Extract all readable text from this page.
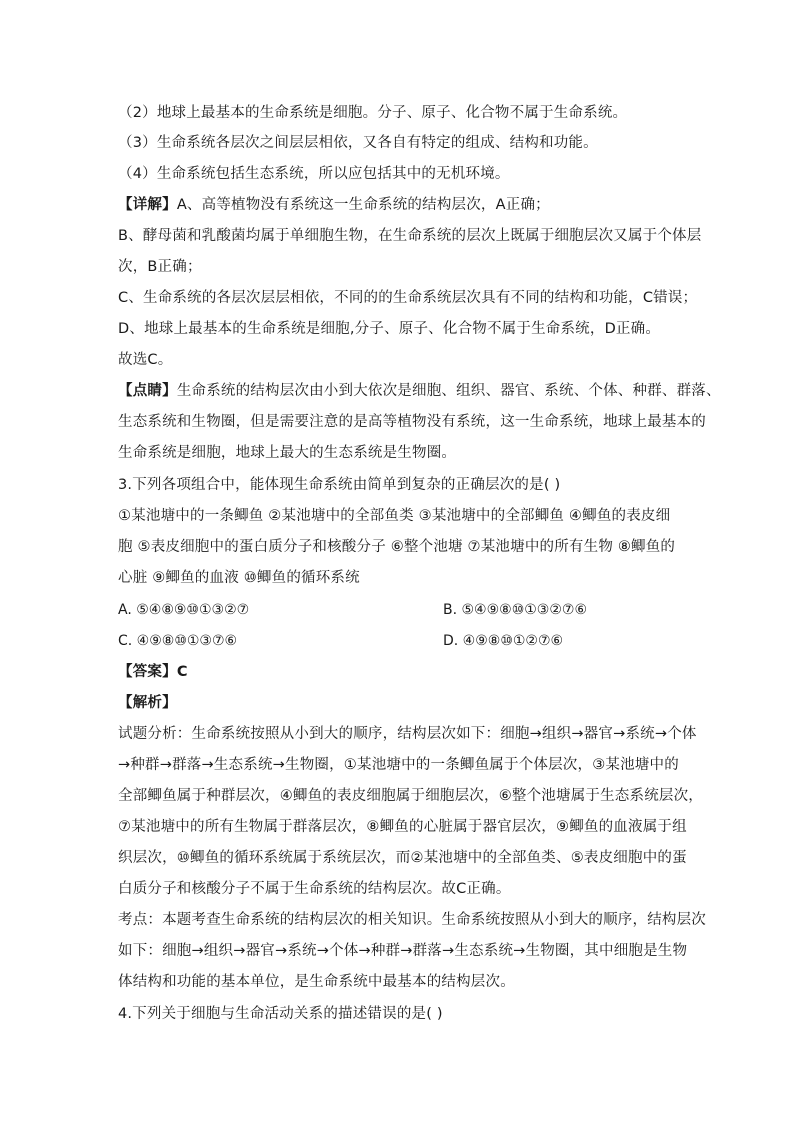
（2）地球上最基本的生命系统是细胞。分子、原子、化合物不属于生命系统。
（3）生命系统各层次之间层层相依，又各自有特定的组成、结构和功能。
（4）生命系统包括生态系统，所以应包括其中的无机环境。
【详解】A、高等植物没有系统这一生命系统的结构层次，A正确；
B、酵母菌和乳酸菌均属于单细胞生物，在生命系统的层次上既属于细胞层次又属于个体层
次，B正确；
C、生命系统的各层次层层相依，不同的的生命系统层次具有不同的结构和功能，C错误；
D、地球上最基本的生命系统是细胞,分子、原子、化合物不属于生命系统，D正确。
故选C。
【点睛】生命系统的结构层次由小到大依次是细胞、组织、器官、系统、个体、种群、群落、
生态系统和生物圈，但是需要注意的是高等植物没有系统，这一生命系统，地球上最基本的
生命系统是细胞，地球上最大的生态系统是生物圈。
3.下列各项组合中，能体现生命系统由简单到复杂的正确层次的是( )
①某池塘中的一条鲫鱼 ②某池塘中的全部鱼类 ③某池塘中的全部鲫鱼 ④鲫鱼的表皮细
胞 ⑤表皮细胞中的蛋白质分子和核酸分子 ⑥整个池塘 ⑦某池塘中的所有生物 ⑧鲫鱼的
心脏 ⑨鲫鱼的血液 ⑩鲫鱼的循环系统
A. ⑤④⑧⑨⑩①③②⑦	B. ⑤④⑨⑧⑩①③②⑦⑥
C. ④⑨⑧⑩①③⑦⑥	D. ④⑨⑧⑩①②⑦⑥
【答案】C
【解析】
试题分析：生命系统按照从小到大的顺序，结构层次如下：细胞→组织→器官→系统→个体
→种群→群落→生态系统→生物圈，①某池塘中的一条鲫鱼属于个体层次，③某池塘中的
全部鲫鱼属于种群层次，④鲫鱼的表皮细胞属于细胞层次，⑥整个池塘属于生态系统层次，
⑦某池塘中的所有生物属于群落层次，⑧鲫鱼的心脏属于器官层次，⑨鲫鱼的血液属于组
织层次，⑩鲫鱼的循环系统属于系统层次，而②某池塘中的全部鱼类、⑤表皮细胞中的蛋
白质分子和核酸分子不属于生命系统的结构层次。故C正确。
考点：本题考查生命系统的结构层次的相关知识。生命系统按照从小到大的顺序，结构层次
如下：细胞→组织→器官→系统→个体→种群→群落→生态系统→生物圈，其中细胞是生物
体结构和功能的基本单位，是生命系统中最基本的结构层次。
4.下列关于细胞与生命活动关系的描述错误的是( )
